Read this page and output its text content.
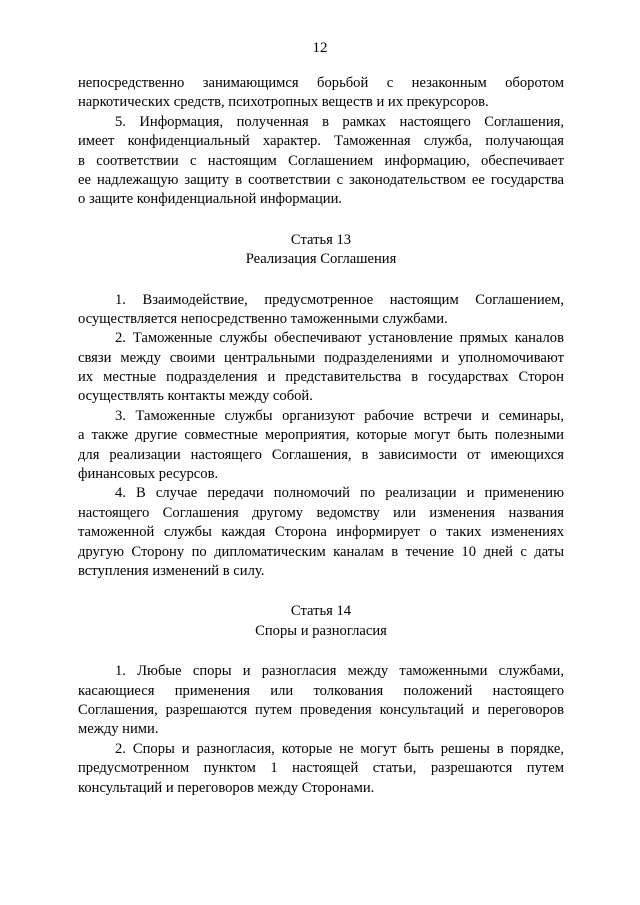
12
непосредственно занимающимся борьбой с незаконным оборотом
наркотических средств, психотропных веществ и их прекурсоров.
5. Информация, полученная в рамках настоящего Соглашения,
имеет конфиденциальный характер. Таможенная служба, получающая
в соответствии с настоящим Соглашением информацию, обеспечивает
ее надлежащую защиту в соответствии с законодательством ее государства
о защите конфиденциальной информации.
Статья 13
Реализация Соглашения
1. Взаимодействие, предусмотренное настоящим Соглашением,
осуществляется непосредственно таможенными службами.
2. Таможенные службы обеспечивают установление прямых каналов
связи между своими центральными подразделениями и уполномочивают
их местные подразделения и представительства в государствах Сторон
осуществлять контакты между собой.
3. Таможенные службы организуют рабочие встречи и семинары,
а также другие совместные мероприятия, которые могут быть полезными
для реализации настоящего Соглашения, в зависимости от имеющихся
финансовых ресурсов.
4. В случае передачи полномочий по реализации и применению
настоящего Соглашения другому ведомству или изменения названия
таможенной службы каждая Сторона информирует о таких изменениях
другую Сторону по дипломатическим каналам в течение 10 дней с даты
вступления изменений в силу.
Статья 14
Споры и разногласия
1. Любые споры и разногласия между таможенными службами,
касающиеся применения или толкования положений настоящего
Соглашения, разрешаются путем проведения консультаций и переговоров
между ними.
2. Споры и разногласия, которые не могут быть решены в порядке,
предусмотренном пунктом 1 настоящей статьи, разрешаются путем
консультаций и переговоров между Сторонами.
